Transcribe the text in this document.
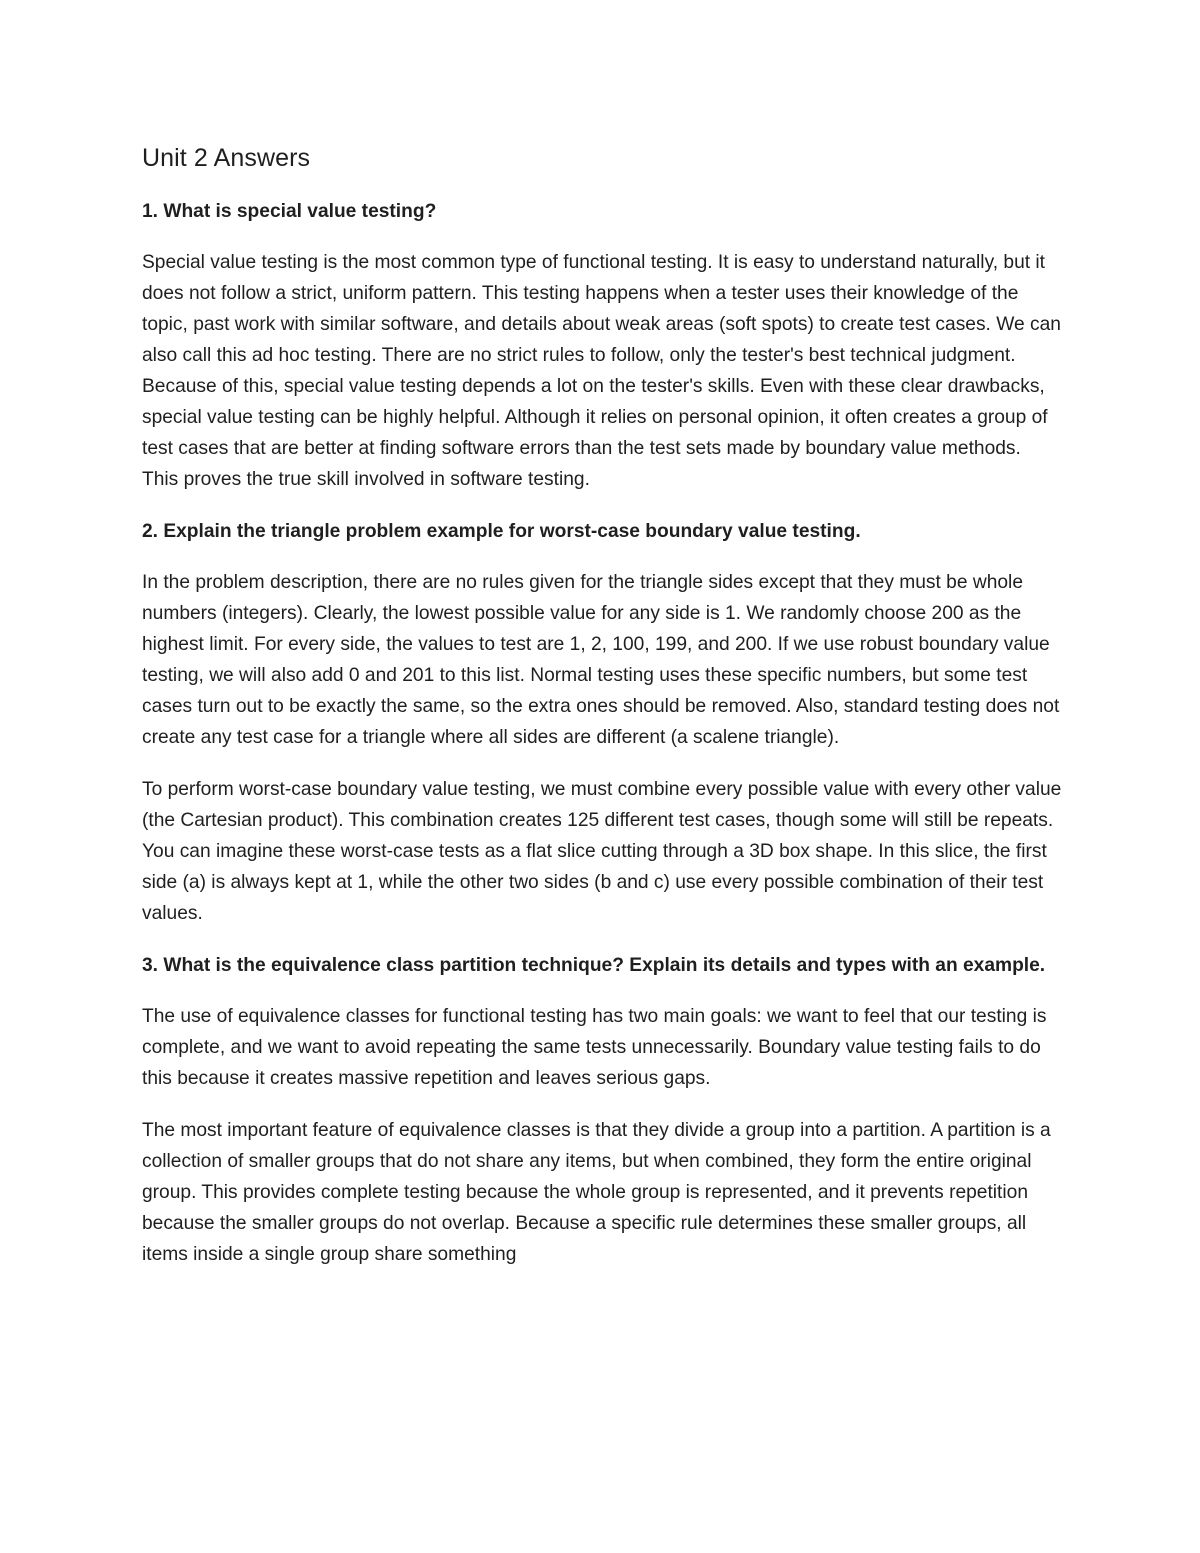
Unit 2 Answers

1. What is special value testing?

Special value testing is the most common type of functional testing. It is easy to understand naturally, but it does not follow a strict, uniform pattern. This testing happens when a tester uses their knowledge of the topic, past work with similar software, and details about weak areas (soft spots) to create test cases. We can also call this ad hoc testing. There are no strict rules to follow, only the tester's best technical judgment. Because of this, special value testing depends a lot on the tester's skills. Even with these clear drawbacks, special value testing can be highly helpful. Although it relies on personal opinion, it often creates a group of test cases that are better at finding software errors than the test sets made by boundary value methods. This proves the true skill involved in software testing.

2. Explain the triangle problem example for worst-case boundary value testing.

In the problem description, there are no rules given for the triangle sides except that they must be whole numbers (integers). Clearly, the lowest possible value for any side is 1. We randomly choose 200 as the highest limit. For every side, the values to test are 1, 2, 100, 199, and 200. If we use robust boundary value testing, we will also add 0 and 201 to this list. Normal testing uses these specific numbers, but some test cases turn out to be exactly the same, so the extra ones should be removed. Also, standard testing does not create any test case for a triangle where all sides are different (a scalene triangle).

To perform worst-case boundary value testing, we must combine every possible value with every other value (the Cartesian product). This combination creates 125 different test cases, though some will still be repeats. You can imagine these worst-case tests as a flat slice cutting through a 3D box shape. In this slice, the first side (a) is always kept at 1, while the other two sides (b and c) use every possible combination of their test values.

3. What is the equivalence class partition technique? Explain its details and types with an example.

The use of equivalence classes for functional testing has two main goals: we want to feel that our testing is complete, and we want to avoid repeating the same tests unnecessarily. Boundary value testing fails to do this because it creates massive repetition and leaves serious gaps.

The most important feature of equivalence classes is that they divide a group into a partition. A partition is a collection of smaller groups that do not share any items, but when combined, they form the entire original group. This provides complete testing because the whole group is represented, and it prevents repetition because the smaller groups do not overlap. Because a specific rule determines these smaller groups, all items inside a single group share something
